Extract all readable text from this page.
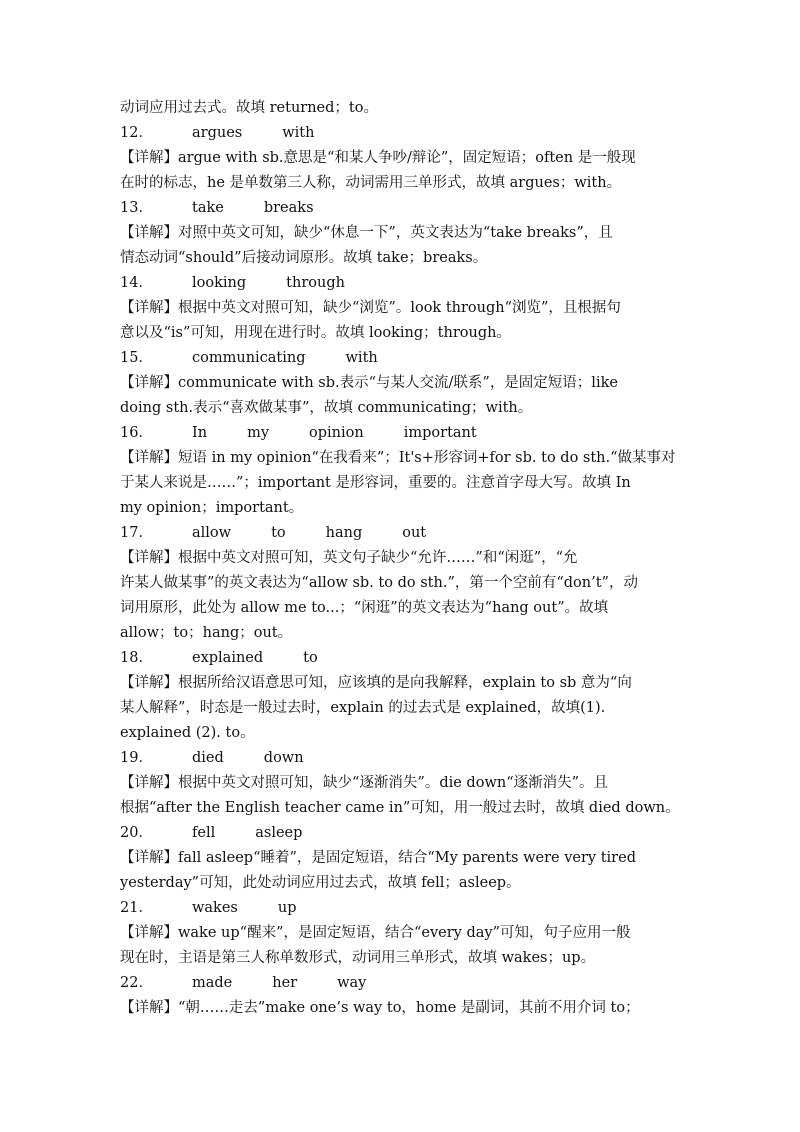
动词应用过去式。故填 returned；to。
12．	argues	with
【详解】argue with sb.意思是“和某人争吵/辩论”，固定短语；often 是一般现
在时的标志，he 是单数第三人称，动词需用三单形式，故填 argues；with。
13．	take	breaks
【详解】对照中英文可知，缺少“休息一下”，英文表达为“take breaks”，且
情态动词“should”后接动词原形。故填 take；breaks。
14．	looking	through
【详解】根据中英文对照可知，缺少“浏览”。look through“浏览”，且根据句
意以及“is”可知，用现在进行时。故填 looking；through。
15．	communicating	with
【详解】communicate with sb.表示“与某人交流/联系”，是固定短语；like
doing sth.表示“喜欢做某事”，故填 communicating；with。
16．	In	my	opinion	important
【详解】短语 in my opinion“在我看来”；It's+形容词+for sb. to do sth.“做某事对
于某人来说是……”；important 是形容词，重要的。注意首字母大写。故填 In
my opinion；important。
17．	allow	to	hang	out
【详解】根据中英文对照可知，英文句子缺少“允许……”和“闲逛”，“允
许某人做某事”的英文表达为“allow sb. to do sth.”，第一个空前有“don’t”，动
词用原形，此处为 allow me to...；“闲逛”的英文表达为“hang out”。故填
allow；to；hang；out。
18．	explained	to
【详解】根据所给汉语意思可知，应该填的是向我解释，explain to sb 意为“向
某人解释”，时态是一般过去时，explain 的过去式是 explained，故填(1).
explained (2). to。
19．	died	down
【详解】根据中英文对照可知，缺少“逐渐消失”。die down“逐渐消失”。且
根据“after the English teacher came in”可知，用一般过去时，故填 died down。
20．	fell	asleep
【详解】fall asleep“睡着”，是固定短语，结合“My parents were very tired
yesterday”可知，此处动词应用过去式，故填 fell；asleep。
21．	wakes	up
【详解】wake up“醒来”，是固定短语，结合“every day”可知，句子应用一般
现在时，主语是第三人称单数形式，动词用三单形式，故填 wakes；up。
22．	made	her	way
【详解】“朝……走去”make one’s way to，home 是副词，其前不用介词 to；
